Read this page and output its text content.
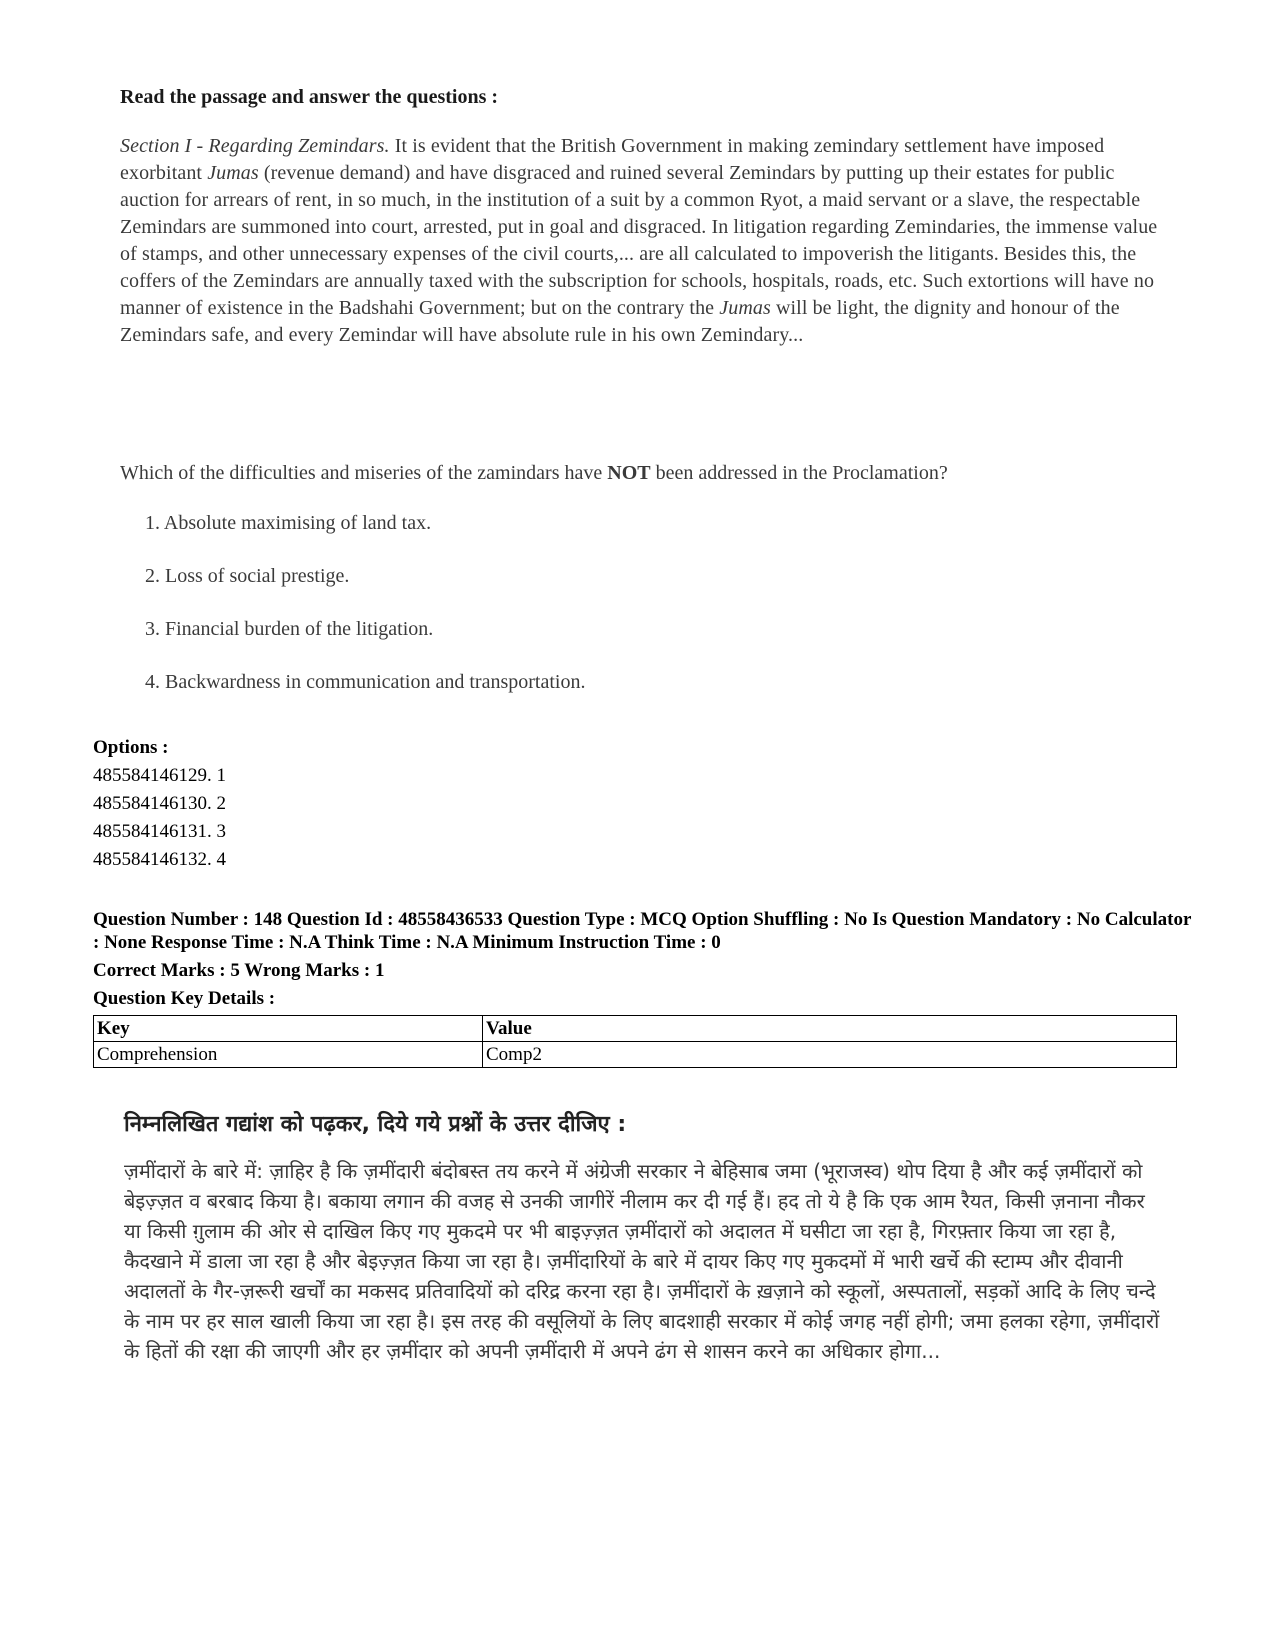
Read the passage and answer the questions :
Section I - Regarding Zemindars. It is evident that the British Government in making zemindary settlement have imposed exorbitant Jumas (revenue demand) and have disgraced and ruined several Zemindars by putting up their estates for public auction for arrears of rent, in so much, in the institution of a suit by a common Ryot, a maid servant or a slave, the respectable Zemindars are summoned into court, arrested, put in goal and disgraced. In litigation regarding Zemindaries, the immense value of stamps, and other unnecessary expenses of the civil courts,... are all calculated to impoverish the litigants. Besides this, the coffers of the Zemindars are annually taxed with the subscription for schools, hospitals, roads, etc. Such extortions will have no manner of existence in the Badshahi Government; but on the contrary the Jumas will be light, the dignity and honour of the Zemindars safe, and every Zemindar will have absolute rule in his own Zemindary...
Which of the difficulties and miseries of the zamindars have NOT been addressed in the Proclamation?
1. Absolute maximising of land tax.
2. Loss of social prestige.
3. Financial burden of the litigation.
4. Backwardness in communication and transportation.
Options :
485584146129. 1
485584146130. 2
485584146131. 3
485584146132. 4

Question Number : 148 Question Id : 48558436533 Question Type : MCQ Option Shuffling : No Is Question Mandatory : No Calculator : None Response Time : N.A Think Time : N.A Minimum Instruction Time : 0

Correct Marks : 5 Wrong Marks : 1

Question Key Details :

Key	Value
Comprehension	Comp2
निम्नलिखित गद्यांश को पढ़कर, दिये गये प्रश्नों के उत्तर दीजिए :
ज़मींदारों के बारे में: ज़ाहिर है कि ज़मींदारी बंदोबस्त तय करने में अंग्रेजी सरकार ने बेहिसाब जमा (भूराजस्व) थोप दिया है और कई ज़मींदारों को बेइज़्ज़त व बरबाद किया है। बकाया लगान की वजह से उनकी जागीरें नीलाम कर दी गई हैं। हद तो ये है कि एक आम रैयत, किसी ज़नाना नौकर या किसी ग़ुलाम की ओर से दाखिल किए गए मुकदमे पर भी बाइज़्ज़त ज़मींदारों को अदालत में घसीटा जा रहा है, गिरफ़्तार किया जा रहा है, कैदखाने में डाला जा रहा है और बेइज़्ज़त किया जा रहा है। ज़मींदारियों के बारे में दायर किए गए मुकदमों में भारी खर्चे की स्टाम्प और दीवानी अदालतों के गैर-ज़रूरी खर्चों का मकसद प्रतिवादियों को दरिद्र करना रहा है। ज़मींदारों के ख़ज़ाने को स्कूलों, अस्पतालों, सड़कों आदि के लिए चन्दे के नाम पर हर साल खाली किया जा रहा है। इस तरह की वसूलियों के लिए बादशाही सरकार में कोई जगह नहीं होगी; जमा हलका रहेगा, ज़मींदारों के हितों की रक्षा की जाएगी और हर ज़मींदार को अपनी ज़मींदारी में अपने ढंग से शासन करने का अधिकार होगा...
